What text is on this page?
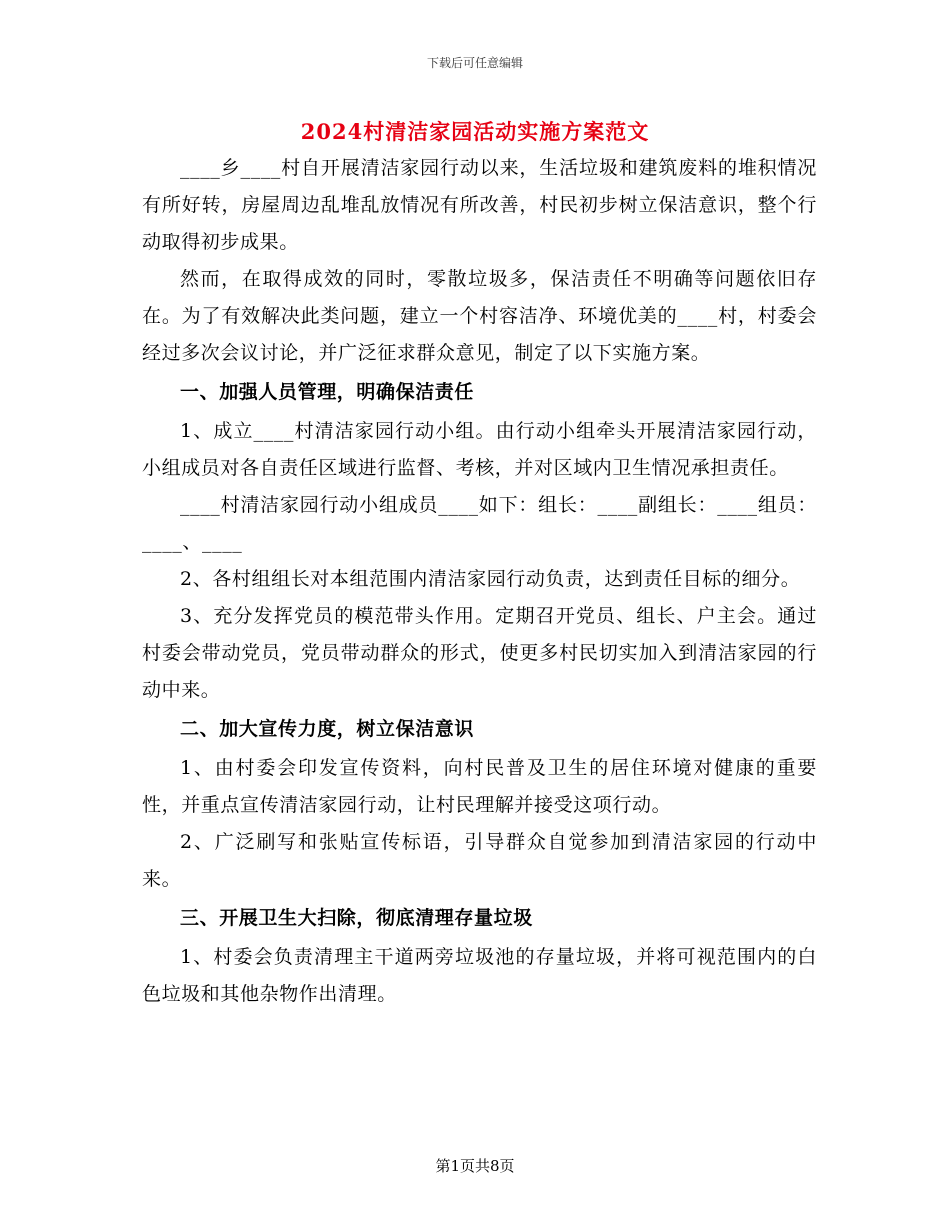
下载后可任意编辑
2024村清洁家园活动实施方案范文

____乡____村自开展清洁家园行动以来，生活垃圾和建筑废料的堆积情况有所好转，房屋周边乱堆乱放情况有所改善，村民初步树立保洁意识，整个行动取得初步成果。

然而，在取得成效的同时，零散垃圾多，保洁责任不明确等问题依旧存在。为了有效解决此类问题，建立一个村容洁净、环境优美的____村，村委会经过多次会议讨论，并广泛征求群众意见，制定了以下实施方案。

一、加强人员管理，明确保洁责任

1、成立____村清洁家园行动小组。由行动小组牵头开展清洁家园行动，小组成员对各自责任区域进行监督、考核，并对区域内卫生情况承担责任。

____村清洁家园行动小组成员____如下：组长：____副组长：____组员：____、____

2、各村组组长对本组范围内清洁家园行动负责，达到责任目标的细分。

3、充分发挥党员的模范带头作用。定期召开党员、组长、户主会。通过村委会带动党员，党员带动群众的形式，使更多村民切实加入到清洁家园的行动中来。

二、加大宣传力度，树立保洁意识

1、由村委会印发宣传资料，向村民普及卫生的居住环境对健康的重要性，并重点宣传清洁家园行动，让村民理解并接受这项行动。

2、广泛刷写和张贴宣传标语，引导群众自觉参加到清洁家园的行动中来。

三、开展卫生大扫除，彻底清理存量垃圾

1、村委会负责清理主干道两旁垃圾池的存量垃圾，并将可视范围内的白色垃圾和其他杂物作出清理。

第1页共8页
